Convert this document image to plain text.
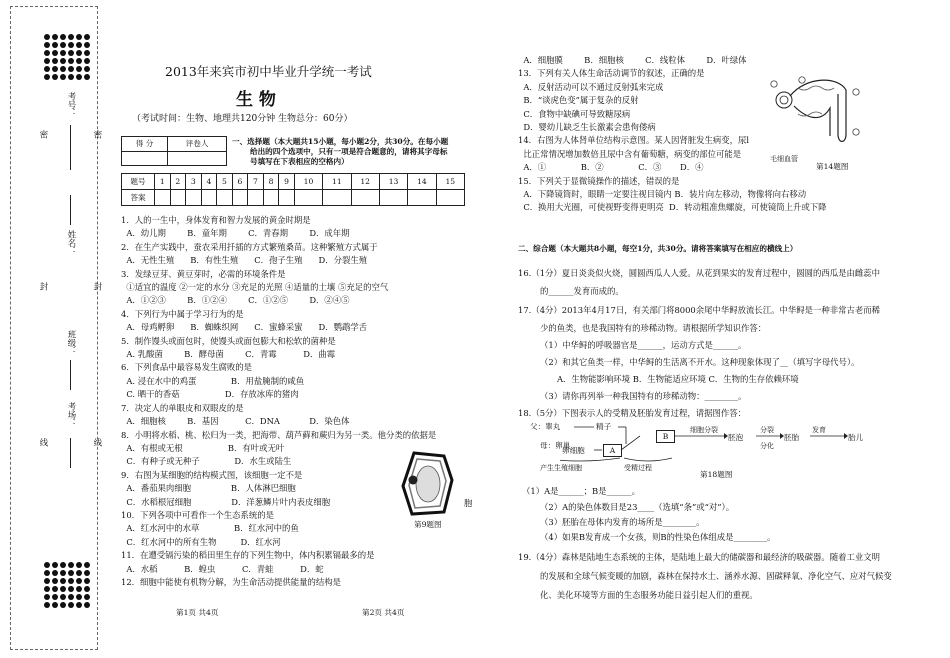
考号：
姓名：
班级：
考场：
密	密
封	封
线	线
2013年来宾市初中毕业升学统一考试
生 物
（考试时间：生物、地理共120分钟 生物总分：60分）
得 分	评卷人
		一、选择题（本大题共15小题，每小题2分，共30分。在每小题
给出的四个选项中，只有一项是符合题意的，请将其字母标
号填写在下表相应的空格内）
题号	1	2	3	4	5	6	7	8	9	10	11	12	13	14	15
答案															
1．人的一生中，身体发育和智力发展的黄金时期是
A．幼儿期        B．童年期        C．青春期        D．成年期
2．在生产实践中，蚕农采用扦插的方式繁殖桑苗。这种繁殖方式属于
A．无性生殖      B．有性生殖      C．孢子生殖      D．分裂生殖
3．发绿豆芽、黄豆芽时，必需的环境条件是
①适宜的温度 ②一定的水分 ③充足的光照 ④适量的土壤 ⑤充足的空气
A．①②③        B．①②④        C．①②⑤        D．②④⑤
4．下列行为中属于学习行为的是
A．母鸡孵卵      B．蜘蛛织网      C．蜜蜂采蜜      D．鹦鹉学舌
5．制作馒头或面包时，使馒头或面包膨大和松软的菌种是
A. 乳酸菌        B．酵母菌        C．青霉          D．曲霉
6．下列食品中最容易发生腐败的是
A. 浸在水中的鸡蛋             B．用盐腌制的咸鱼
C. 晒干的香菇                 D．存放冰库的猪肉
7．决定人的单眼皮和双眼皮的是
A．细胞核        B．基因          C．DNA           D．染色体
8．小明将水稻、桃、松归为一类，把海带、葫芦藓和蕨归为另一类。他分类的依据是
A．有根或无根                 B．有叶或无叶
C．有种子或无种子             D．水生或陆生
9．右图为某细胞的结构模式图，该细胞一定不是
A．番茄果肉细胞               B．人体淋巴细胞
C．水稻根冠细胞               D．洋葱鳞片叶内表皮细胞
10．下列各项中可看作一个生态系统的是
A．红水河中的水草             B．红水河中的鱼
C．红水河中的所有生物         D．红水河
11．在遭受镉污染的稻田里生存的下列生物中，体内积累镉最多的是
A．水稻          B．蝗虫          C．青蛙          D．蛇
12．细胞中能使有机物分解，为生命活动提供能量的结构是
第9题图
胞
第1页 共4页	第2页 共4页
A．细胞膜        B．细胞核        C．线粒体        D．叶绿体
13．下列有关人体生命活动调节的叙述，正确的是
A．反射活动可以不通过反射弧来完成
B．“谈虎色变”属于复杂的反射
C．食物中缺碘可导致糖尿病
D．婴幼儿缺乏生长激素会患佝偻病
14．右图为人体肾单位结构示意图。某人因肾脏发生病变，尿l
比正常情况增加数倍且尿中含有葡萄糖，病变的部位可能是
A．①             B．②             C．③       D．④
15．下列关于显微镜操作的描述，错误的是
A．下降镜筒时，眼睛一定要注视目镜内 B．装片向左移动，物像将向右移动
C．换用大光圈，可使视野变得更明亮  D．转动粗准焦螺旋，可使镜筒上升或下降
毛细血管
第14题图
二、综合题（本大题共8小题，每空1分，共30分。请将答案填写在相应的横线上）
16.（1分）夏日炎炎似火烧，圆圆西瓜人人爱。从花到果实的发育过程中，圆圆的西瓜是由雌蕊中
的______发育而成的。
17.（4分）2013年4月17日，有关部门将8000余尾中华鲟放流长江。中华鲟是一种非常古老而稀
少的鱼类，也是我国特有的珍稀动物。请根据所学知识作答：
（1）中华鲟的呼吸器官是______，运动方式是______。
（2）和其它鱼类一样，中华鲟的生活离不开水。这种现象体现了__（填写字母代号）。
A．生物能影响环境 B．生物能适应环境 C．生物的生存依赖环境
（3）请你再列举一种我国特有的珍稀动物：________。
18.（5分）下图表示人的受精及胚胎发育过程，请据图作答：
父：睾丸	精子
母：卵巢
卵细胞	A
B
细胞分裂
胚泡
分裂
分化
胚胎
发育
胎儿
产生生殖细胞	受精过程
第18题图
（1）A是______；B是______。
（2）A的染色体数目是23____（选填“条”或“对”）。
（3）胚胎在母体内发育的场所是________。
（4）如果B发育成一个女孩，则B的性染色体组成是________。
19.（4分）森林是陆地生态系统的主体，是陆地上最大的储碳器和最经济的吸碳器。随着工业文明
的发展和全球气候变暖的加剧，森林在保持水土、涵养水源、固碳释氧、净化空气、应对气候变
化、美化环境等方面的生态服务功能日益引起人们的重视。
